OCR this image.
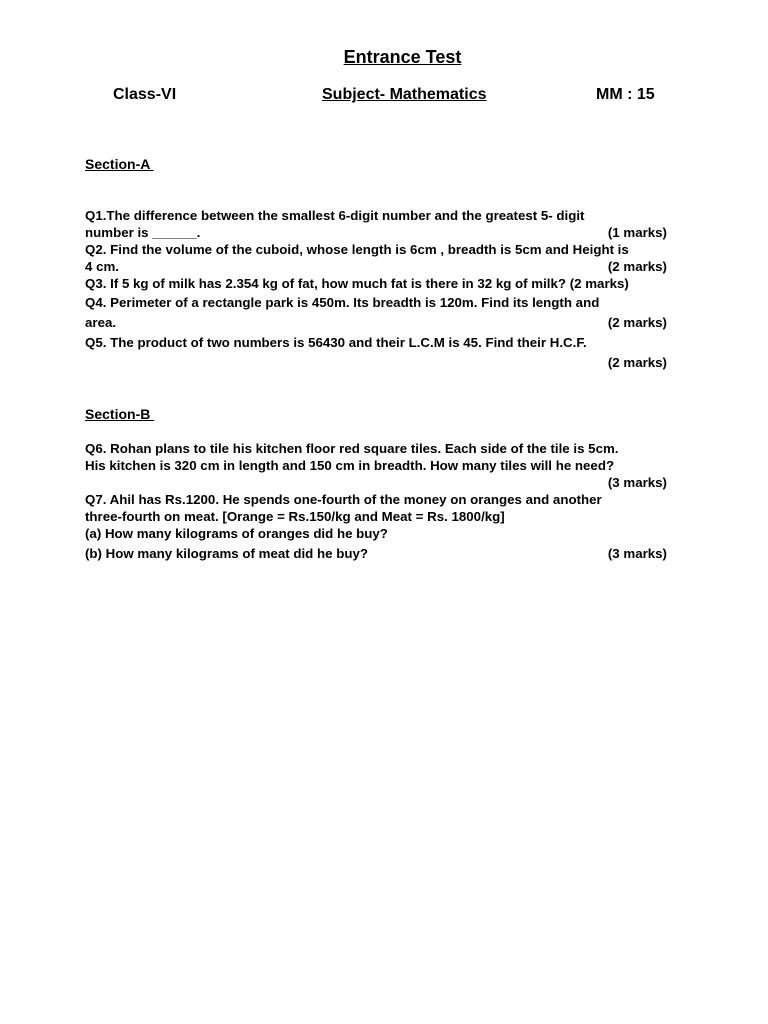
Entrance Test
Class-VI	Subject- Mathematics	MM : 15
Section-A
Q1.The difference between the smallest 6-digit number and the greatest 5- digit
number is ______.	(1 marks)
Q2. Find the volume of the cuboid, whose length is 6cm , breadth is 5cm and Height is
4 cm.	(2 marks)
Q3. If 5 kg of milk has 2.354 kg of fat, how much fat is there in 32 kg of milk? (2 marks)
Q4. Perimeter of a rectangle park is 450m. Its breadth is 120m. Find its length and
area.	(2 marks)
Q5. The product of two numbers is 56430 and their L.C.M is 45. Find their H.C.F.
(2 marks)
Section-B
Q6. Rohan plans to tile his kitchen floor red square tiles. Each side of the tile is 5cm.
His kitchen is 320 cm in length and 150 cm in breadth. How many tiles will he need?
(3 marks)
Q7. Ahil has Rs.1200. He spends one-fourth of the money on oranges and another
three-fourth on meat. [Orange = Rs.150/kg and Meat = Rs. 1800/kg]
(a) How many kilograms of oranges did he buy?
(b) How many kilograms of meat did he buy?	(3 marks)
